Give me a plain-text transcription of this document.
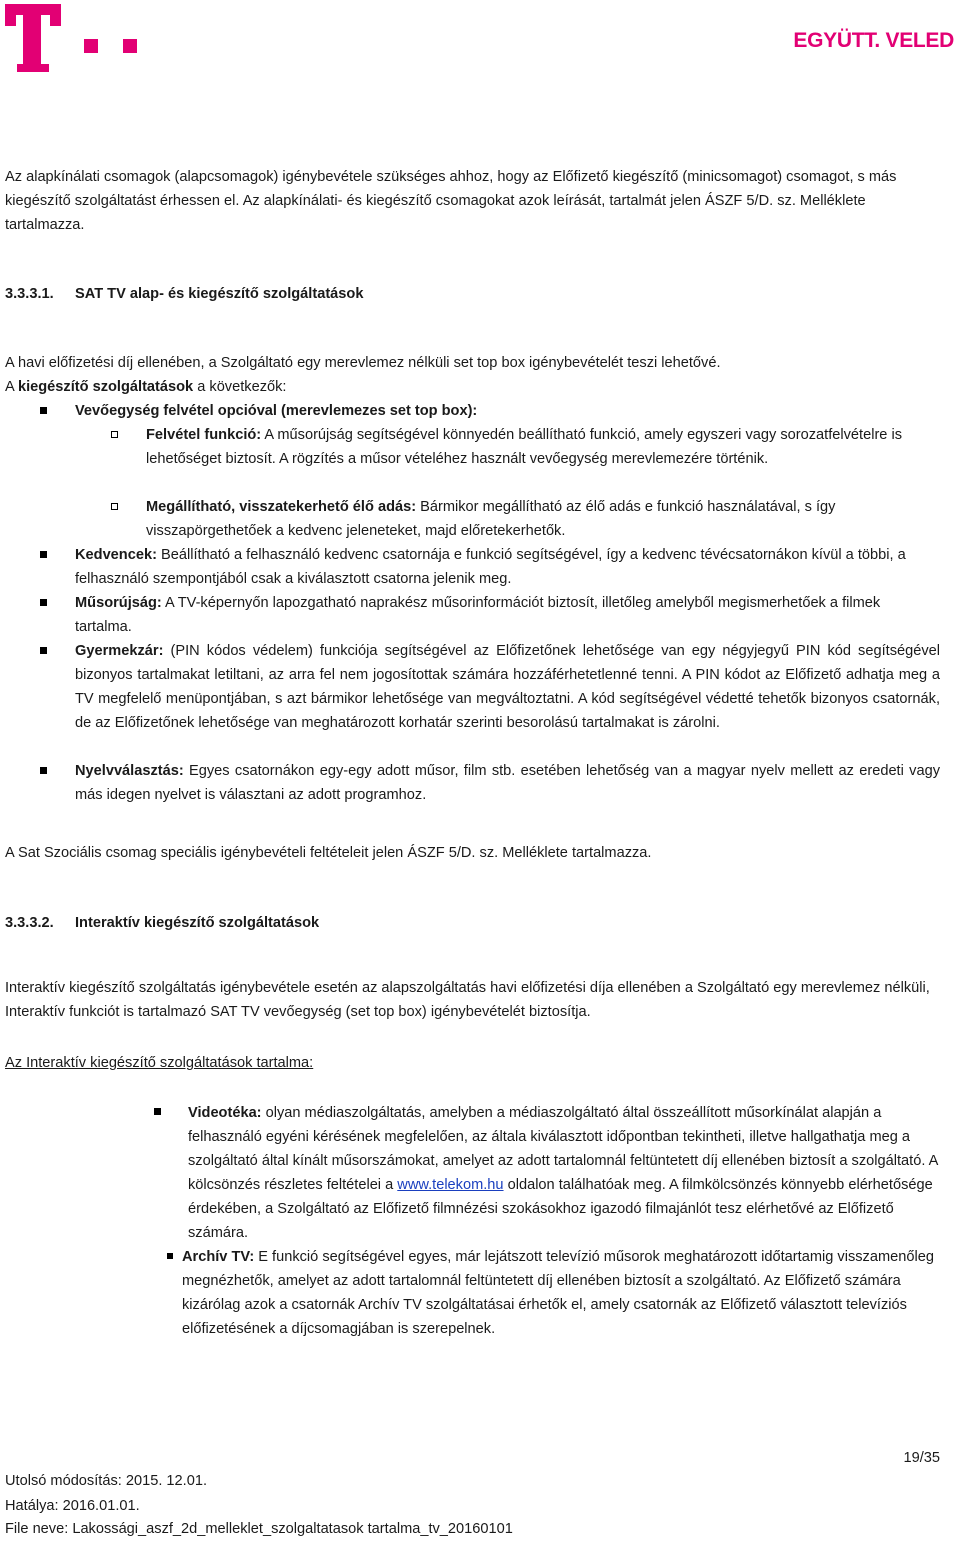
EGYÜTT. VELED

Az alapkínálati csomagok (alapcsomagok) igénybevétele szükséges ahhoz, hogy az Előfizető kiegészítő (minicsomagot) csomagot, s más kiegészítő szolgáltatást érhessen el. Az alapkínálati- és kiegészítő csomagokat azok leírását, tartalmát jelen ÁSZF 5/D. sz. Melléklete tartalmazza.

3.3.3.1. SAT TV alap- és kiegészítő szolgáltatások

A havi előfizetési díj ellenében, a Szolgáltató egy merevlemez nélküli set top box igénybevételét teszi lehetővé.

A kiegészítő szolgáltatások a következők:

Vevőegység felvétel opcióval (merevlemezes set top box):

Felvétel funkció: A műsorújság segítségével könnyedén beállítható funkció, amely egyszeri vagy sorozatfelvételre is lehetőséget biztosít. A rögzítés a műsor vételéhez használt vevőegység merevlemezére történik.

Megállítható, visszatekerhető élő adás: Bármikor megállítható az élő adás e funkció használatával, s így visszapörgethetőek a kedvenc jeleneteket, majd előretekerhetők.

Kedvencek: Beállítható a felhasználó kedvenc csatornája e funkció segítségével, így a kedvenc tévécsatornákon kívül a többi, a felhasználó szempontjából csak a kiválasztott csatorna jelenik meg.

Műsorújság: A TV-képernyőn lapozgatható naprakész műsorinformációt biztosít, illetőleg amelyből megismerhetőek a filmek tartalma.

Gyermekzár: (PIN kódos védelem) funkciója segítségével az Előfizetőnek lehetősége van egy négyjegyű PIN kód segítségével bizonyos tartalmakat letiltani, az arra fel nem jogosítottak számára hozzáférhetetlenné tenni. A PIN kódot az Előfizető adhatja meg a TV megfelelő menüpontjában, s azt bármikor lehetősége van megváltoztatni. A kód segítségével védetté tehetők bizonyos csatornák, de az Előfizetőnek lehetősége van meghatározott korhatár szerinti besorolású tartalmakat is zárolni.

Nyelvválasztás: Egyes csatornákon egy-egy adott műsor, film stb. esetében lehetőség van a magyar nyelv mellett az eredeti vagy más idegen nyelvet is választani az adott programhoz.

A Sat Szociális csomag speciális igénybevételi feltételeit jelen ÁSZF 5/D. sz. Melléklete tartalmazza.

3.3.3.2. Interaktív kiegészítő szolgáltatások

Interaktív kiegészítő szolgáltatás igénybevétele esetén az alapszolgáltatás havi előfizetési díja ellenében a Szolgáltató egy merevlemez nélküli, Interaktív funkciót is tartalmazó SAT TV vevőegység (set top box) igénybevételét biztosítja.

Az Interaktív kiegészítő szolgáltatások tartalma:

Videotéka: olyan médiaszolgáltatás, amelyben a médiaszolgáltató által összeállított műsorkínálat alapján a felhasználó egyéni kérésének megfelelően, az általa kiválasztott időpontban tekintheti, illetve hallgathatja meg a szolgáltató által kínált műsorszámokat, amelyet az adott tartalomnál feltüntetett díj ellenében biztosít a szolgáltató. A kölcsönzés részletes feltételei a www.telekom.hu oldalon találhatóak meg. A filmkölcsönzés könnyebb elérhetősége érdekében, a Szolgáltató az Előfizető filmnézési szokásokhoz igazodó filmajánlót tesz elérhetővé az Előfizető számára.

Archív TV: E funkció segítségével egyes, már lejátszott televízió műsorok meghatározott időtartamig visszamenőleg megnézhetők, amelyet az adott tartalomnál feltüntetett díj ellenében biztosít a szolgáltató. Az Előfizető számára kizárólag azok a csatornák Archív TV szolgáltatásai érhetők el, amely csatornák az Előfizető választott televíziós előfizetésének a díjcsomagjában is szerepelnek.

19/35
Utolsó módosítás: 2015. 12.01.
Hatálya: 2016.01.01.
File neve: Lakossági_aszf_2d_melleklet_szolgaltatasok tartalma_tv_20160101
